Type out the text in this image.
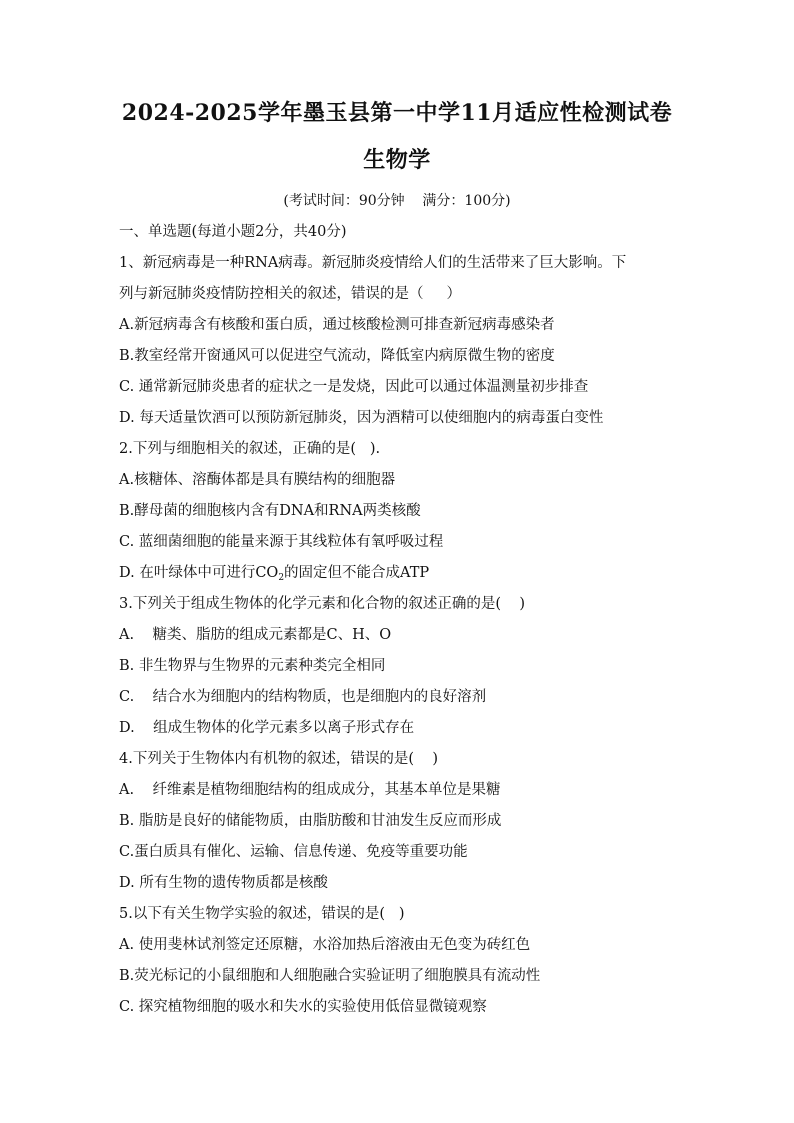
2024-2025学年墨玉县第一中学11月适应性检测试卷
生物学
(考试时间：90分钟    满分：100分)
一、单选题(每道小题2分，共40分)
1、新冠病毒是一种RNA病毒。新冠肺炎疫情给人们的生活带来了巨大影响。下
列与新冠肺炎疫情防控相关的叙述，错误的是（     ）
A.新冠病毒含有核酸和蛋白质，通过核酸检测可排查新冠病毒感染者
B.教室经常开窗通风可以促进空气流动，降低室内病原微生物的密度
C. 通常新冠肺炎患者的症状之一是发烧，因此可以通过体温测量初步排查
D. 每天适量饮酒可以预防新冠肺炎，因为酒精可以使细胞内的病毒蛋白变性
2.下列与细胞相关的叙述，正确的是(   ).
A.核糖体、溶酶体都是具有膜结构的细胞器
B.酵母菌的细胞核内含有DNA和RNA两类核酸
C. 蓝细菌细胞的能量来源于其线粒体有氧呼吸过程
D. 在叶绿体中可进行$CO_2$的固定但不能合成ATP
3.下列关于组成生物体的化学元素和化合物的叙述正确的是(    )
A.    糖类、脂肪的组成元素都是C、H、O
B. 非生物界与生物界的元素种类完全相同
C.    结合水为细胞内的结构物质，也是细胞内的良好溶剂
D.    组成生物体的化学元素多以离子形式存在
4.下列关于生物体内有机物的叙述，错误的是(    )
A.    纤维素是植物细胞结构的组成成分，其基本单位是果糖
B. 脂肪是良好的储能物质，由脂肪酸和甘油发生反应而形成
C.蛋白质具有催化、运输、信息传递、免疫等重要功能
D. 所有生物的遗传物质都是核酸
5.以下有关生物学实验的叙述，错误的是(   )
A. 使用斐林试剂签定还原糖，水浴加热后溶液由无色变为砖红色
B.荧光标记的小鼠细胞和人细胞融合实验证明了细胞膜具有流动性
C. 探究植物细胞的吸水和失水的实验使用低倍显微镜观察
